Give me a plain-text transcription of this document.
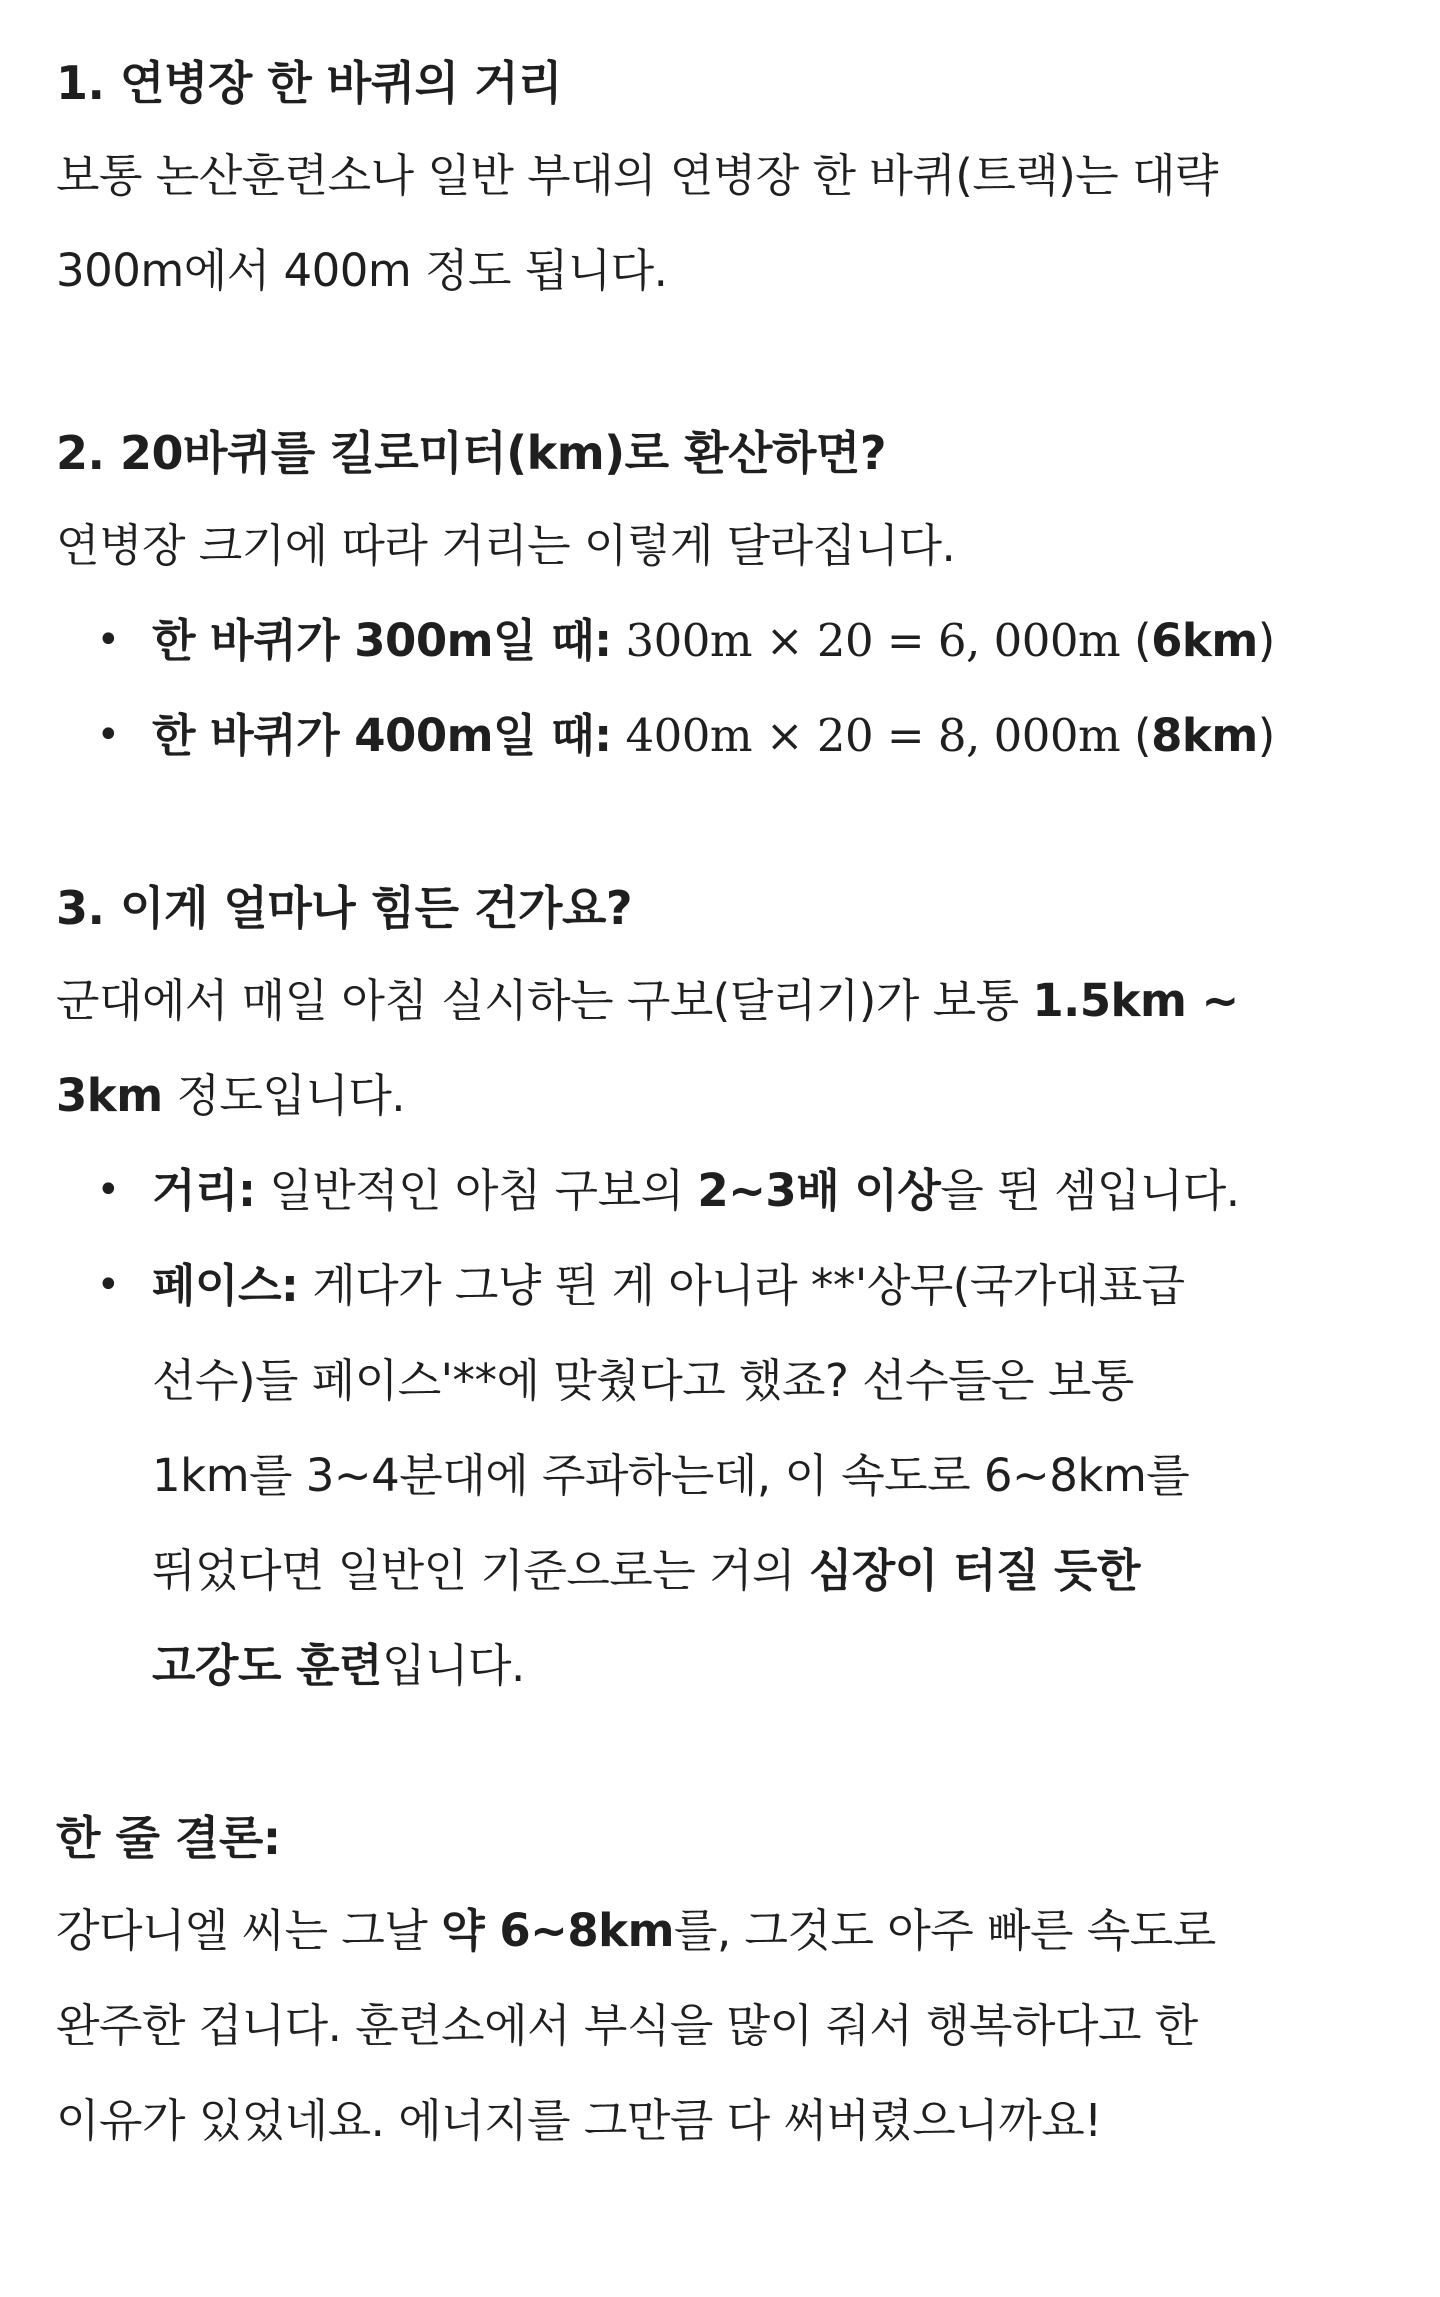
1. 연병장 한 바퀴의 거리

보통 논산훈련소나 일반 부대의 연병장 한 바퀴(트랙)는 대략
300m에서 400m 정도 됩니다.

2. 20바퀴를 킬로미터(km)로 환산하면?

연병장 크기에 따라 거리는 이렇게 달라집니다.

• 한 바퀴가 300m일 때: 300m × 20 = 6, 000m (6km)
• 한 바퀴가 400m일 때: 400m × 20 = 8, 000m (8km)

3. 이게 얼마나 힘든 건가요?

군대에서 매일 아침 실시하는 구보(달리기)가 보통 1.5km ~
3km 정도입니다.

• 거리: 일반적인 아침 구보의 2~3배 이상을 뛴 셈입니다.
• 페이스: 게다가 그냥 뛴 게 아니라 **'상무(국가대표급
선수)들 페이스'**에 맞췄다고 했죠? 선수들은 보통
1km를 3~4분대에 주파하는데, 이 속도로 6~8km를
뛰었다면 일반인 기준으로는 거의 심장이 터질 듯한
고강도 훈련입니다.

한 줄 결론:

강다니엘 씨는 그날 약 6~8km를, 그것도 아주 빠른 속도로
완주한 겁니다. 훈련소에서 부식을 많이 줘서 행복하다고 한
이유가 있었네요. 에너지를 그만큼 다 써버렸으니까요!
